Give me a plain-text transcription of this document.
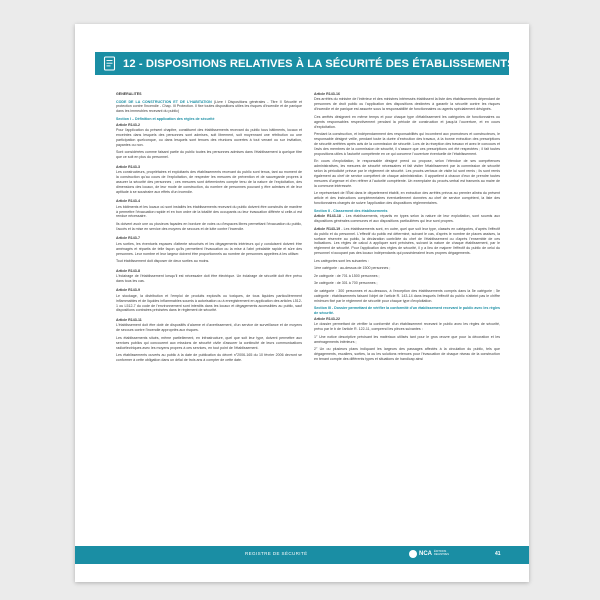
12 - DISPOSITIONS RELATIVES À LA SÉCURITÉ DES ÉTABLISSEMENTS

GÉNÉRALITÉS

CODE DE LA CONSTRUCTION ET DE L'HABITATION (Livre I Dispositions générales - Titre II Sécurité et protection contre l'incendie - Chap. III Protection. Il fixe toutes dispositions utiles les risques d'incendie et de panique dans les immeubles recevant du public)

Section I – Définition et application des règles de sécurité
Article R143-2

Pour l'application du présent chapitre, constituent des établissements recevant du public tous bâtiments, locaux et enceintes dans lesquels des personnes sont admises, soit librement, soit moyennant une rétribution ou une participation quelconque, ou dans lesquels sont tenues des réunions ouvertes à tout venant ou sur invitation, payantes ou non.

Sont considérées comme faisant partie du public toutes les personnes admises dans l'établissement à quelque titre que ce soit en plus du personnel.

Article R143-3

Les constructeurs, propriétaires et exploitants des établissements recevant du public sont tenus, tant au moment de la construction qu'au cours de l'exploitation, de respecter les mesures de prévention et de sauvegarde propres à assurer la sécurité des personnes ; ces mesures sont déterminées compte tenu de la nature de l'exploitation, des dimensions des locaux, de leur mode de construction, du nombre de personnes pouvant y être admises et de leur aptitude à se soustraire aux effets d'un incendie.

Article R143-4

Les bâtiments et les locaux où sont installés les établissements recevant du public doivent être construits de manière à permettre l'évacuation rapide et en bon ordre de la totalité des occupants ou leur évacuation différée si celle-ci est rendue nécessaire.

Ils doivent avoir une ou plusieurs façades en bordure de voies ou d'espaces libres permettant l'évacuation du public, l'accès et la mise en service des moyens de secours et de lutte contre l'incendie.

Article R143-7

Les sorties, les éventuels espaces d'attente sécurisés et les dégagements intérieurs qui y conduisent doivent être aménagés et répartis de telle façon qu'ils permettent l'évacuation ou la mise à l'abri préalable rapide et sûre des personnes. Leur nombre et leur largeur doivent être proportionnels au nombre de personnes appelées à les utiliser.

Tout établissement doit disposer de deux sorties au moins.

Article R143-8

L'éclairage de l'établissement lorsqu'il est nécessaire doit être électrique. Un éclairage de sécurité doit être prévu dans tous les cas.

Article R143-9

Le stockage, la distribution et l'emploi de produits explosifs ou toxiques, de tous liquides particulièrement inflammables et de liquides inflammables soumis à autorisation ou à enregistrement en application des articles L512-1 ou L512-7 du code de l'environnement sont interdits dans les locaux et dégagements accessibles au public, sauf dispositions contraires précisées dans le règlement de sécurité.

Article R143-11

L'établissement doit être doté de dispositifs d'alarme et d'avertissement, d'un service de surveillance et de moyens de secours contre l'incendie appropriés aux risques.

Les établissements situés, même partiellement, en infrastructure, quel que soit leur type, doivent permettre aux services publics qui concourent aux missions de sécurité civile d'assurer la continuité de leurs communications radioélectriques avec les moyens propres à ces services, en tout point de l'établissement.

Les établissements ouverts au public à la date de publication du décret n°2006-165 du 10 février 2006 devront se conformer à cette obligation dans un délai de trois ans à compter de cette date.

Article R143-16

Des arrêtés du ministre de l'intérieur et des ministres intéressés établissent la liste des établissements dépendant de personnes de droit public ou l'application des dispositions destinées à garantir la sécurité contre les risques d'incendie et de panique est assurée sous la responsabilité de fonctionnaires ou agents spécialement désignés.

Ces arrêtés désignent en même temps et pour chaque type d'établissement les catégories de fonctionnaires ou agents responsables respectivement pendant la période de construction et jusqu'à l'ouverture, et en cours d'exploitation.

Pendant la construction, et indépendamment des responsabilités qui incombent aux promoteurs et constructeurs, le responsable désigné veille, pendant toute la durée d'exécution des travaux, à la bonne exécution des prescriptions de sécurité arrêtées après avis de la commission de sécurité. Lors de la réception des travaux et avec le concours et l'avis des membres de la commission de sécurité, il s'assure que ces prescriptions ont été respectées ; il fait toutes propositions utiles à l'autorité compétente en ce qui concerne l'ouverture éventuelle de l'établissement.

En cours d'exploitation, le responsable désigné prend ou propose, selon l'étendue de ses compétences administratives, les mesures de sécurité nécessaires et fait visiter l'établissement par la commission de sécurité selon la périodicité prévue par le règlement de sécurité. Les procès-verbaux de visite lui sont remis ; ils sont remis également au chef de service compétent de chaque administration. Il appartient à chacun d'eux de prendre toutes mesures d'urgence et d'en référer à l'autorité compétente. Un exemplaire du procès-verbal est transmis au maire de la commune intéressée.

Le représentant de l'État dans le département établit, en exécution des arrêtés prévus au premier alinéa du présent article et des instructions complémentaires éventuellement données au chef de service compétent, la liste des fonctionnaires chargés de suivre l'application des dispositions réglementaires.

Section II - Classement des établissements

Article R143-18 - Les établissements, répartis en types selon la nature de leur exploitation, sont soumis aux dispositions générales communes et aux dispositions particulières qui leur sont propres.

Article R143-19 - Les établissements sont, en outre, quel que soit leur type, classés en catégories, d'après l'effectif du public et du personnel. L'effectif du public est déterminé, suivant le cas, d'après le nombre de places assises, la surface réservée au public, la déclaration contrôlée du chef de l'établissement ou d'après l'ensemble de ces indications. Les règles de calcul à appliquer sont précisées, suivant la nature de chaque établissement, par le règlement de sécurité. Pour l'application des règles de sécurité, il y a lieu de majorer l'effectif du public de celui du personnel n'occupant pas des locaux indépendants qui possèderaient leurs propres dégagements.

Les catégories sont les suivantes :

1ère catégorie : au-dessus de 1500 personnes ;

2e catégorie : de 701 à 1500 personnes ;

3e catégorie : de 301 à 700 personnes ;

4e catégorie : 300 personnes et au-dessous, à l'exception des établissements compris dans la 5e catégorie ; 5e catégorie : établissements faisant l'objet de l'article R. 143-14 dans lesquels l'effectif du public n'atteint pas le chiffre minimum fixé par le règlement de sécurité pour chaque type d'exploitation.

Section III - Dossier permettant de vérifier la conformité d'un établissement recevant le public avec les règles de sécurité.
Article R143-22

Le dossier permettant de vérifier la conformité d'un établissement recevant le public avec les règles de sécurité, prévu par le b de l'article R. 122-11, comprend les pièces suivantes :

1° Une notice descriptive précisant les matériaux utilisés tant pour le gros œuvre que pour la décoration et les aménagements intérieurs ;

2° Un ou plusieurs plans indiquant les largeurs des passages affectés à la circulation du public, tels que dégagements, escaliers, sorties, la ou les solutions retenues pour l'évacuation de chaque niveau de la construction en tenant compte des différents types et situations de handicap ainsi

REGISTRE DE SÉCURITÉ	NCA ÉDITIONS REGISTRES	41
